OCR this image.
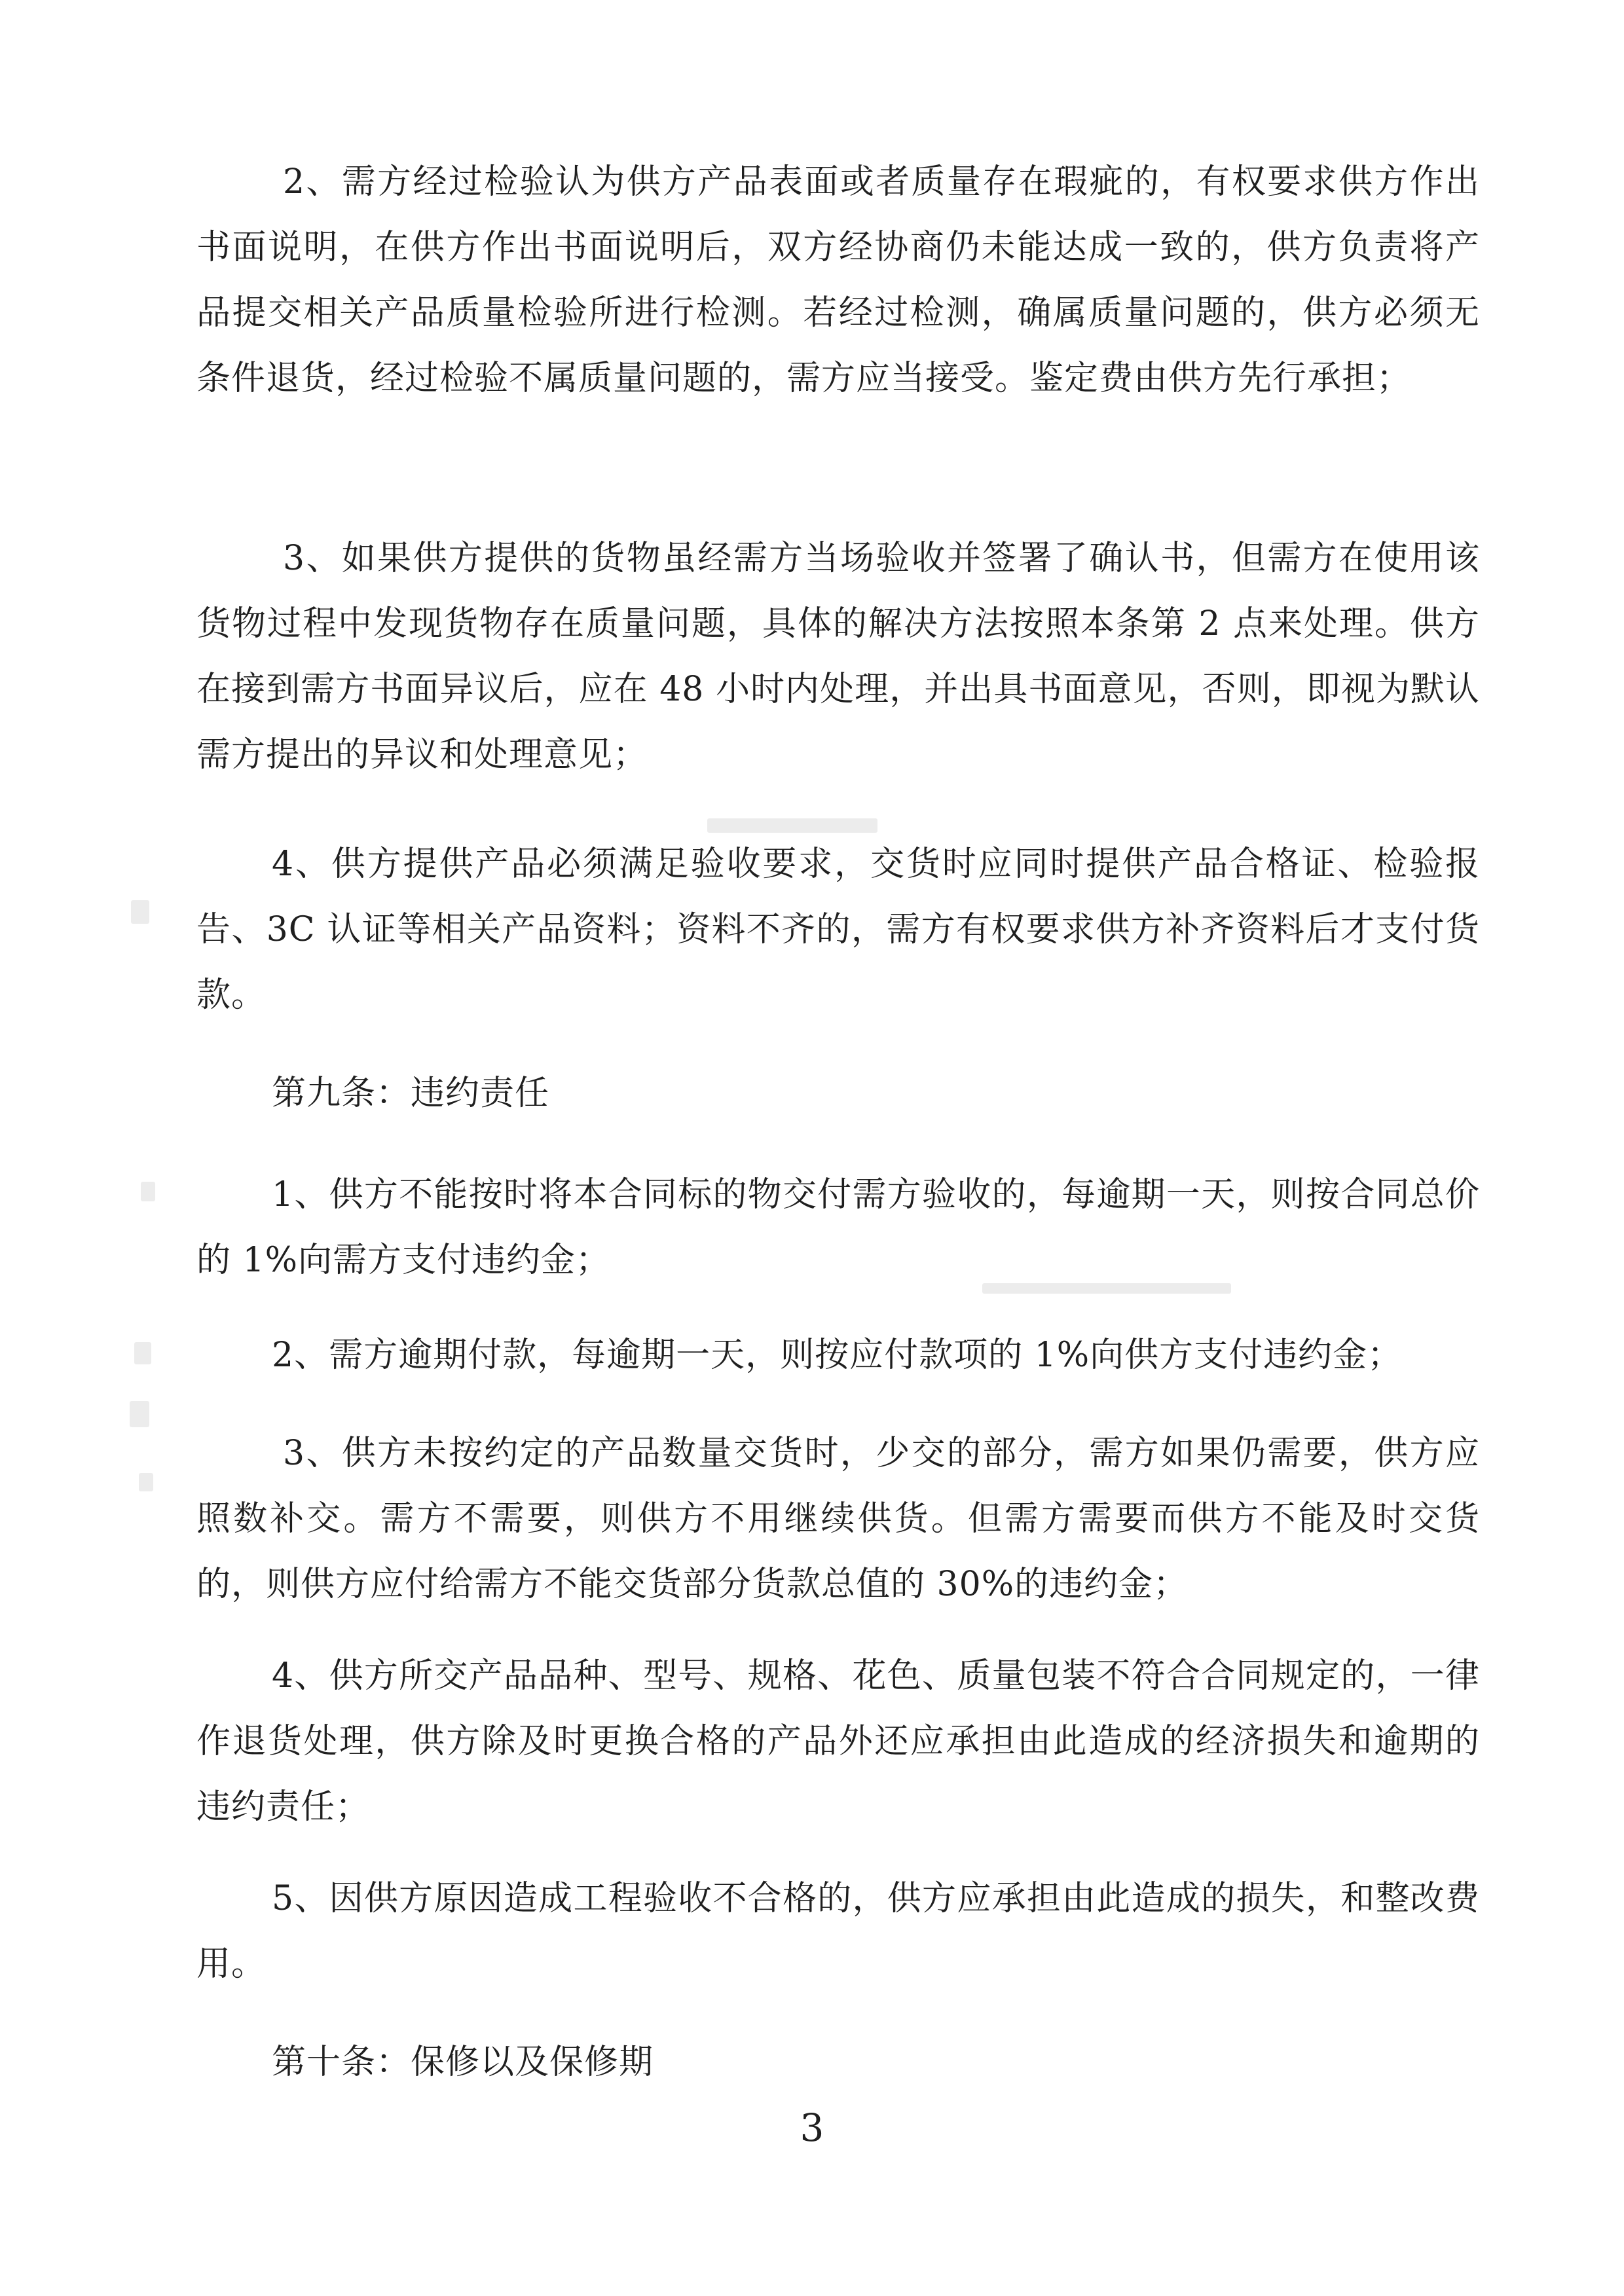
2、需方经过检验认为供方产品表面或者质量存在瑕疵的，有权要求供方作出书面说明，在供方作出书面说明后，双方经协商仍未能达成一致的，供方负责将产品提交相关产品质量检验所进行检测。若经过检测，确属质量问题的，供方必须无条件退货，经过检验不属质量问题的，需方应当接受。鉴定费由供方先行承担；

3、如果供方提供的货物虽经需方当场验收并签署了确认书，但需方在使用该货物过程中发现货物存在质量问题，具体的解决方法按照本条第 2 点来处理。供方在接到需方书面异议后，应在 48 小时内处理，并出具书面意见，否则，即视为默认需方提出的异议和处理意见；

4、供方提供产品必须满足验收要求，交货时应同时提供产品合格证、检验报告、3C 认证等相关产品资料；资料不齐的，需方有权要求供方补齐资料后才支付货款。

第九条：违约责任

1、供方不能按时将本合同标的物交付需方验收的，每逾期一天，则按合同总价的 1%向需方支付违约金；

2、需方逾期付款，每逾期一天，则按应付款项的 1%向供方支付违约金；

3、供方未按约定的产品数量交货时，少交的部分，需方如果仍需要，供方应照数补交。需方不需要，则供方不用继续供货。但需方需要而供方不能及时交货的，则供方应付给需方不能交货部分货款总值的 30%的违约金；

4、供方所交产品品种、型号、规格、花色、质量包装不符合合同规定的，一律作退货处理，供方除及时更换合格的产品外还应承担由此造成的经济损失和逾期的违约责任；

5、因供方原因造成工程验收不合格的，供方应承担由此造成的损失，和整改费用。

第十条：保修以及保修期

3
